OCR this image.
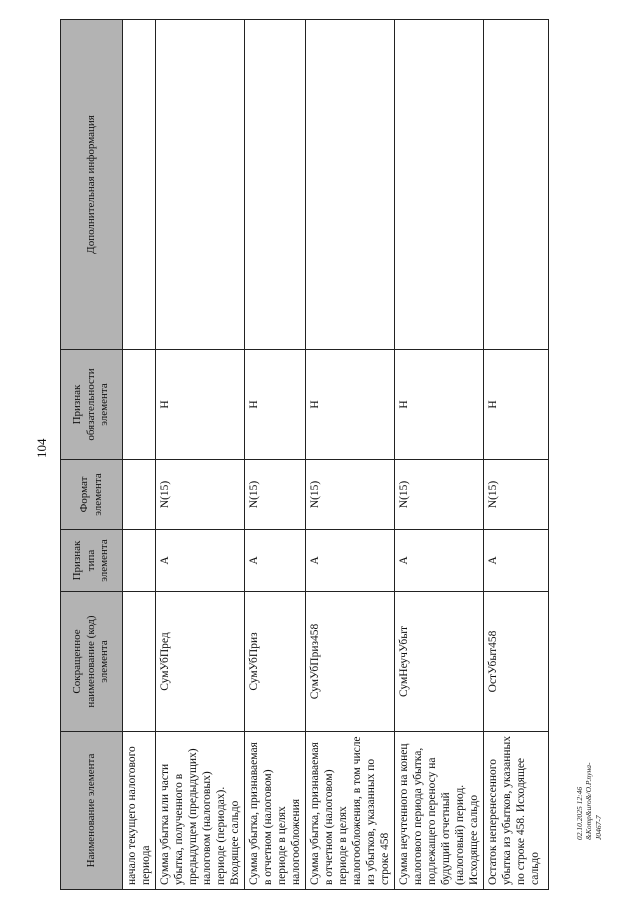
104
Наименование элемента	Сокращенное наименование (код) элемента	Признак типа элемента	Формат элемента	Признак обязательности элемента	Дополнительная информация
начало текущего налогового периода					
Сумма убытка или части убытка, полученного в предыдущем (предыдущих) налоговом (налоговых) периоде (периодах). Входящее сальдо	СумУбПред	А	N(15)	Н	
Сумма убытка, признаваемая в отчетном (налоговом) периоде в целях налогообложения	СумУбПриз	А	N(15)	Н	
Сумма убытка, признаваемая в отчетном (налоговом) периоде в целях налогообложения, в том числе из убытков, указанных по строке 458	СумУбПриз458	А	N(15)	Н	
Сумма неучтенного на конец налогового периода убытка, подлежащего переносу на будущий отчетный (налоговый) период. Исходящее сальдо	СумНеучУбыт	А	N(15)	Н	
Остаток неперенесенного убытка из убытков, указанных по строке 458. Исходящее сальдо	ОстУбыт458	А	N(15)	Н	
02.10.2025 12:46 &Komp&uro&/O.P.пуна-J0467-7
